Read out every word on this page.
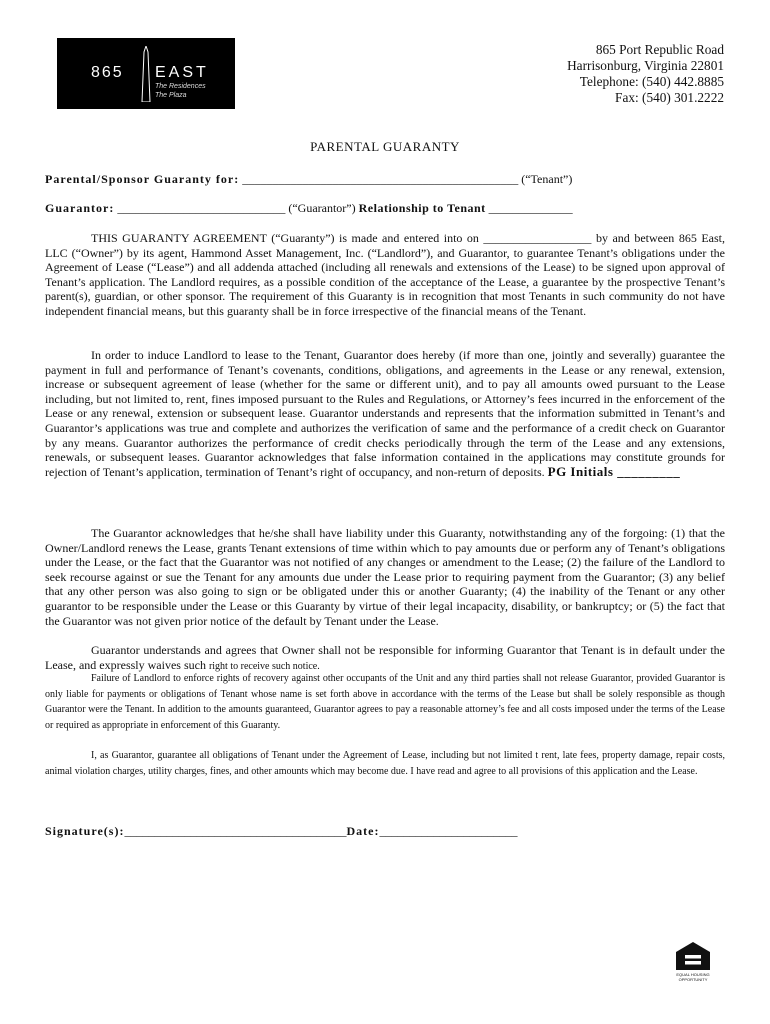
865 EAST
The Residences
The Plaza
865 Port Republic Road
Harrisonburg, Virginia 22801
Telephone: (540) 442.8885
Fax: (540) 301.2222
PARENTAL GUARANTY
Parental/Sponsor Guaranty for: ______________________________________________ (“Tenant”)
Guarantor: ____________________________ (“Guarantor”) Relationship to Tenant ______________
THIS GUARANTY AGREEMENT (“Guaranty”) is made and entered into on __________________ by and between 865 East, LLC (“Owner”) by its agent, Hammond Asset Management, Inc. (“Landlord”), and Guarantor, to guarantee Tenant’s obligations under the Agreement of Lease (“Lease”) and all addenda attached (including all renewals and extensions of the Lease) to be signed upon approval of Tenant’s application. The Landlord requires, as a possible condition of the acceptance of the Lease, a guarantee by the prospective Tenant’s parent(s), guardian, or other sponsor. The requirement of this Guaranty is in recognition that most Tenants in such community do not have independent financial means, but this guaranty shall be in force irrespective of the financial means of the Tenant.
In order to induce Landlord to lease to the Tenant, Guarantor does hereby (if more than one, jointly and severally) guarantee the payment in full and performance of Tenant’s covenants, conditions, obligations, and agreements in the Lease or any renewal, extension, increase or subsequent agreement of lease (whether for the same or different unit), and to pay all amounts owed pursuant to the Lease including, but not limited to, rent, fines imposed pursuant to the Rules and Regulations, or Attorney’s fees incurred in the enforcement of the Lease or any renewal, extension or subsequent lease. Guarantor understands and represents that the information submitted in Tenant’s and Guarantor’s applications was true and complete and authorizes the verification of same and the performance of a credit check on Guarantor by any means. Guarantor authorizes the performance of credit checks periodically through the term of the Lease and any extensions, renewals, or subsequent leases. Guarantor acknowledges that false information contained in the applications may constitute grounds for rejection of Tenant’s application, termination of Tenant’s right of occupancy, and non-return of deposits. PG Initials _________
The Guarantor acknowledges that he/she shall have liability under this Guaranty, notwithstanding any of the forgoing: (1) that the Owner/Landlord renews the Lease, grants Tenant extensions of time within which to pay amounts due or perform any of Tenant’s obligations under the Lease, or the fact that the Guarantor was not notified of any changes or amendment to the Lease; (2) the failure of the Landlord to seek recourse against or sue the Tenant for any amounts due under the Lease prior to requiring payment from the Guarantor; (3) any belief that any other person was also going to sign or be obligated under this or another Guaranty; (4) the inability of the Tenant or any other guarantor to be responsible under the Lease or this Guaranty by virtue of their legal incapacity, disability, or bankruptcy; or (5) the fact that the Guarantor was not given prior notice of the default by Tenant under the Lease.
Guarantor understands and agrees that Owner shall not be responsible for informing Guarantor that Tenant is in default under the Lease, and expressly waives such right to receive such notice.
Failure of Landlord to enforce rights of recovery against other occupants of the Unit and any third parties shall not release Guarantor, provided Guarantor is only liable for payments or obligations of Tenant whose name is set forth above in accordance with the terms of the Lease but shall be solely responsible as though Guarantor were the Tenant. In addition to the amounts guaranteed, Guarantor agrees to pay a reasonable attorney’s fee and all costs imposed under the terms of the Lease or required as appropriate in enforcement of this Guaranty.
I, as Guarantor, guarantee all obligations of Tenant under the Agreement of Lease, including but not limited t rent, late fees, property damage, repair costs, animal violation charges, utility charges, fines, and other amounts which may become due. I have read and agree to all provisions of this application and the Lease.
Signature(s):_____________________________________Date:_______________________
EQUAL HOUSING OPPORTUNITY
